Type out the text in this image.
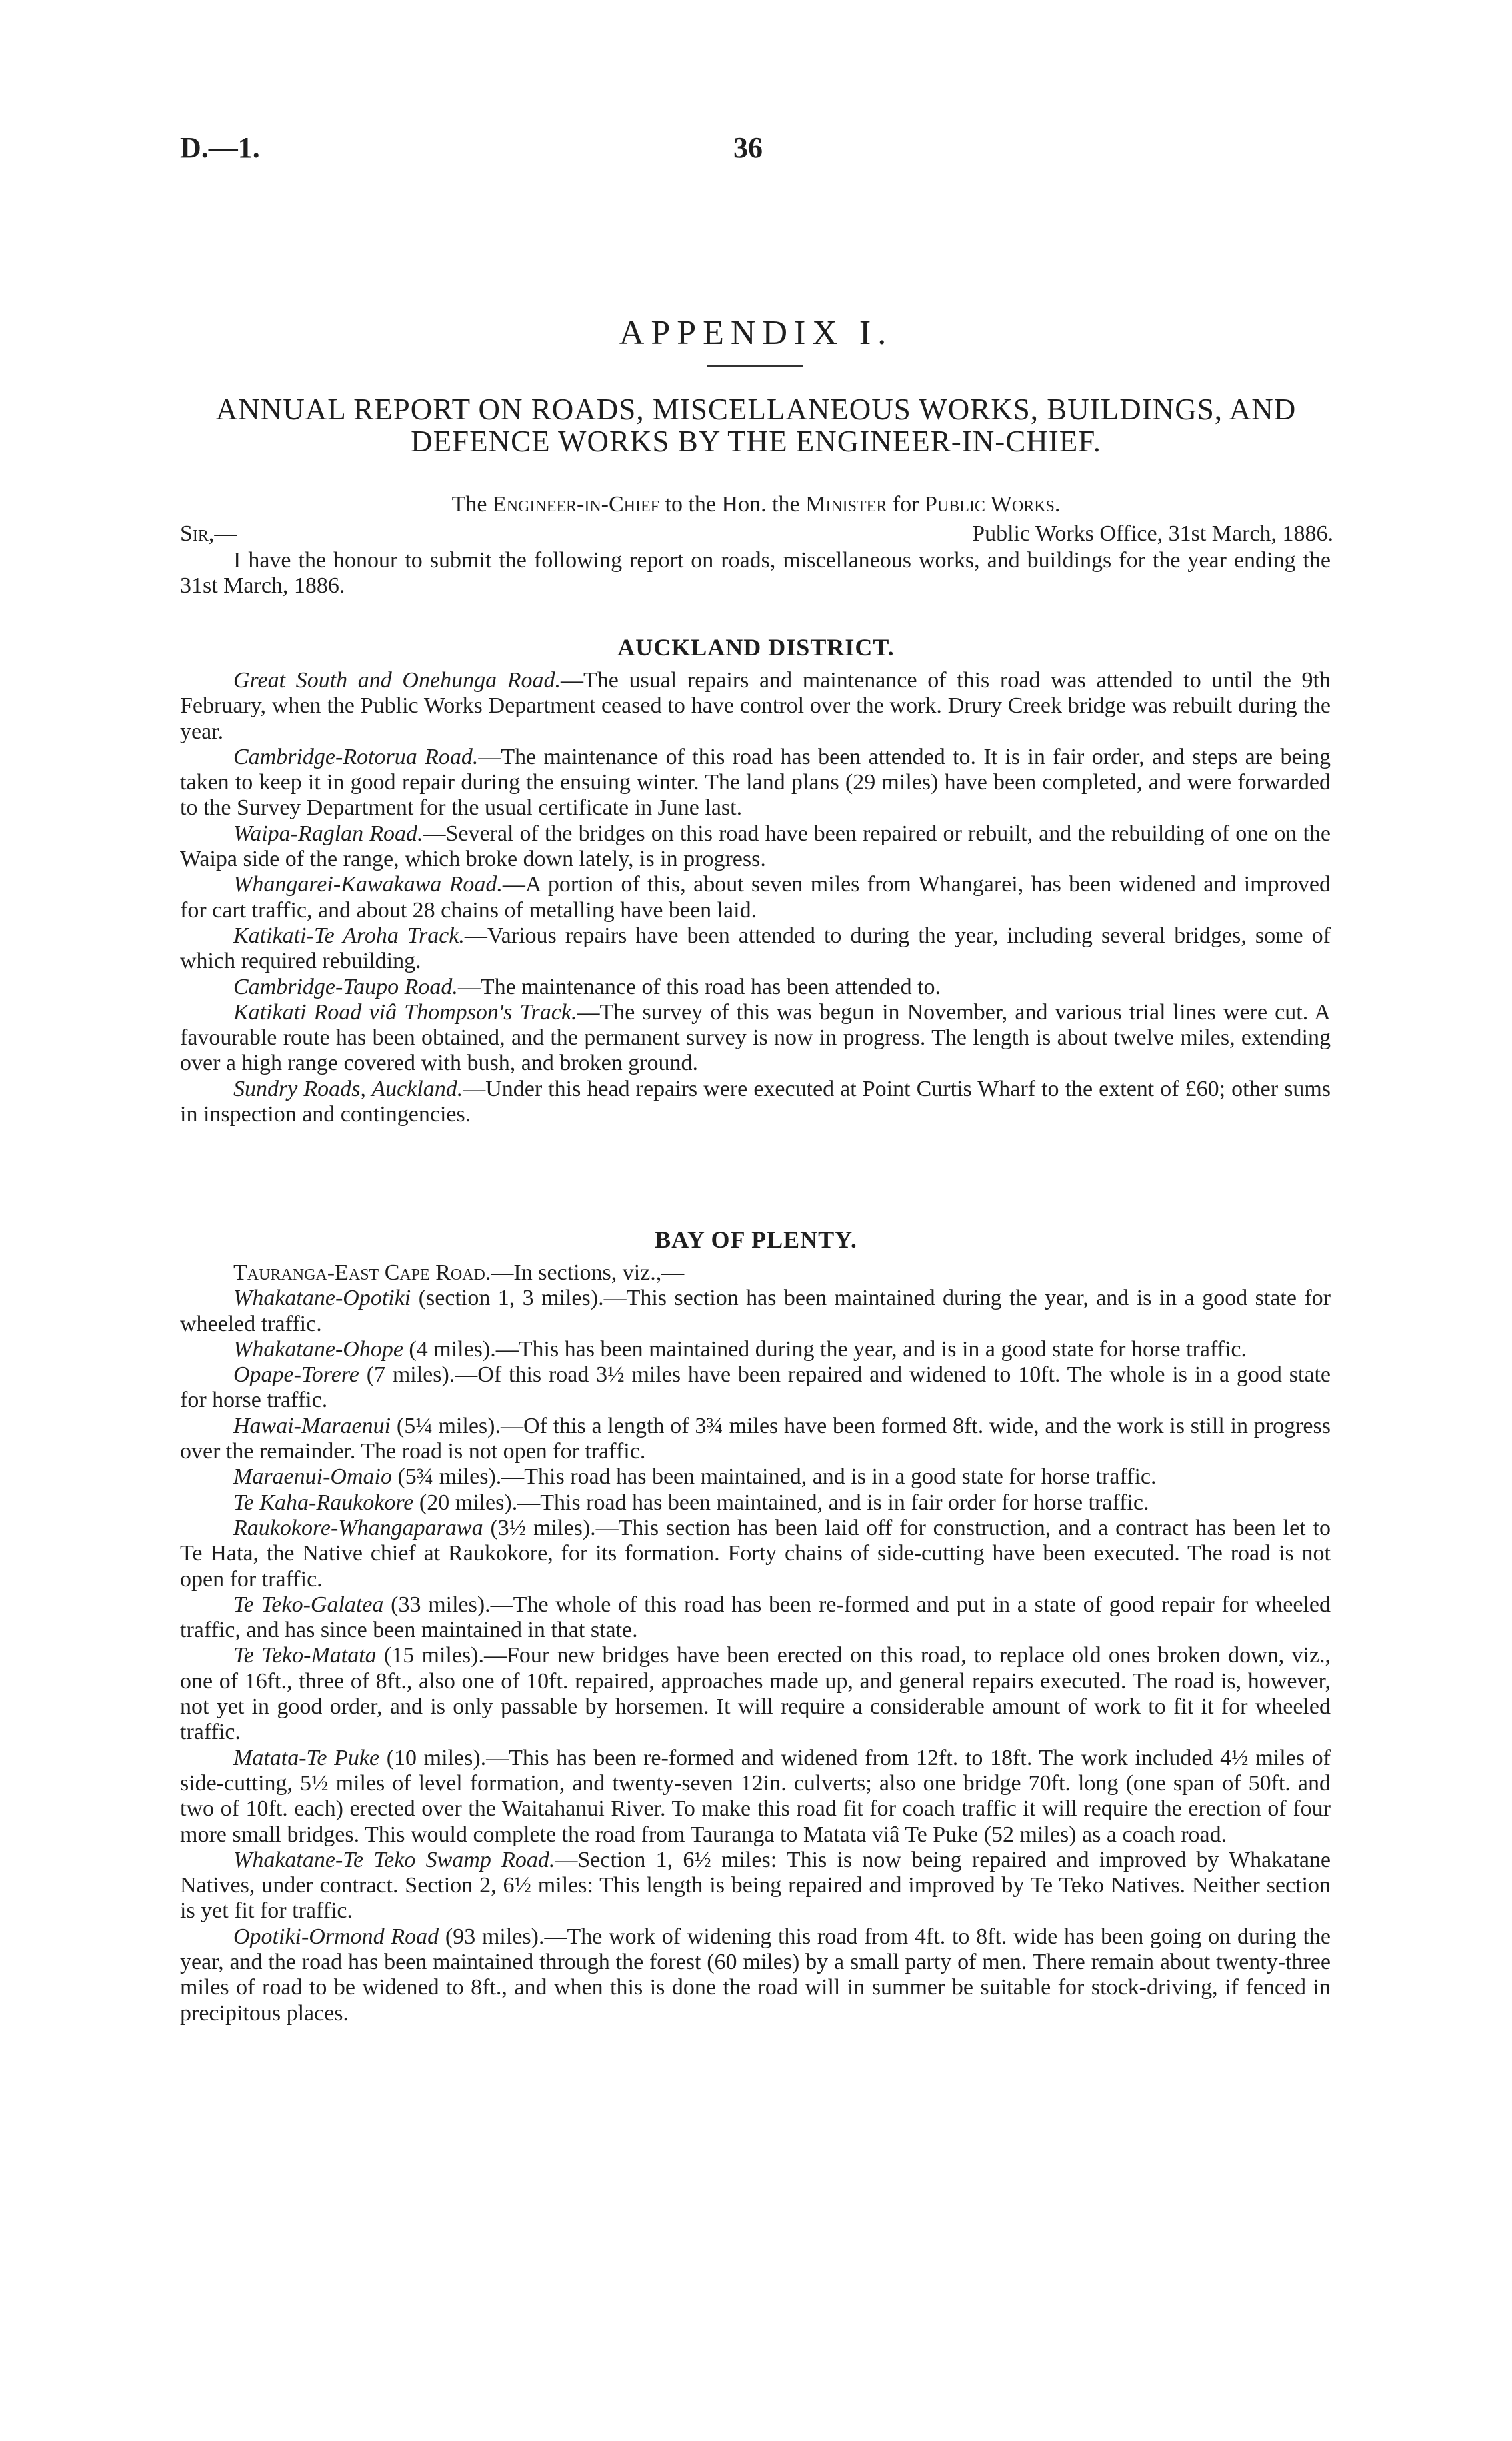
D.—1.	36
APPENDIX I.
ANNUAL REPORT ON ROADS, MISCELLANEOUS WORKS, BUILDINGS, AND DEFENCE WORKS BY THE ENGINEER-IN-CHIEF.
The Engineer-in-Chief to the Hon. the Minister for Public Works.
Sir,—	Public Works Office, 31st March, 1886.

I have the honour to submit the following report on roads, miscellaneous works, and buildings for the year ending the 31st March, 1886.

AUCKLAND DISTRICT.

Great South and Onehunga Road.—The usual repairs and maintenance of this road was attended to until the 9th February, when the Public Works Department ceased to have control over the work. Drury Creek bridge was rebuilt during the year.

Cambridge-Rotorua Road.—The maintenance of this road has been attended to. It is in fair order, and steps are being taken to keep it in good repair during the ensuing winter. The land plans (29 miles) have been completed, and were forwarded to the Survey Department for the usual certificate in June last.

Waipa-Raglan Road.—Several of the bridges on this road have been repaired or rebuilt, and the rebuilding of one on the Waipa side of the range, which broke down lately, is in progress.

Whangarei-Kawakawa Road.—A portion of this, about seven miles from Whangarei, has been widened and improved for cart traffic, and about 28 chains of metalling have been laid.

Katikati-Te Aroha Track.—Various repairs have been attended to during the year, including several bridges, some of which required rebuilding.

Cambridge-Taupo Road.—The maintenance of this road has been attended to.

Katikati Road viâ Thompson's Track.—The survey of this was begun in November, and various trial lines were cut. A favourable route has been obtained, and the permanent survey is now in progress. The length is about twelve miles, extending over a high range covered with bush, and broken ground.

Sundry Roads, Auckland.—Under this head repairs were executed at Point Curtis Wharf to the extent of £60; other sums in inspection and contingencies.

BAY OF PLENTY.

Tauranga-East Cape Road.—In sections, viz.,—

Whakatane-Opotiki (section 1, 3 miles).—This section has been maintained during the year, and is in a good state for wheeled traffic.

Whakatane-Ohope (4 miles).—This has been maintained during the year, and is in a good state for horse traffic.

Opape-Torere (7 miles).—Of this road 3½ miles have been repaired and widened to 10ft. The whole is in a good state for horse traffic.

Hawai-Maraenui (5¼ miles).—Of this a length of 3¾ miles have been formed 8ft. wide, and the work is still in progress over the remainder. The road is not open for traffic.

Maraenui-Omaio (5¾ miles).—This road has been maintained, and is in a good state for horse traffic.

Te Kaha-Raukokore (20 miles).—This road has been maintained, and is in fair order for horse traffic.

Raukokore-Whangaparawa (3½ miles).—This section has been laid off for construction, and a contract has been let to Te Hata, the Native chief at Raukokore, for its formation. Forty chains of side-cutting have been executed. The road is not open for traffic.

Te Teko-Galatea (33 miles).—The whole of this road has been re-formed and put in a state of good repair for wheeled traffic, and has since been maintained in that state.

Te Teko-Matata (15 miles).—Four new bridges have been erected on this road, to replace old ones broken down, viz., one of 16ft., three of 8ft., also one of 10ft. repaired, approaches made up, and general repairs executed. The road is, however, not yet in good order, and is only passable by horsemen. It will require a considerable amount of work to fit it for wheeled traffic.

Matata-Te Puke (10 miles).—This has been re-formed and widened from 12ft. to 18ft. The work included 4½ miles of side-cutting, 5½ miles of level formation, and twenty-seven 12in. culverts; also one bridge 70ft. long (one span of 50ft. and two of 10ft. each) erected over the Waitahanui River. To make this road fit for coach traffic it will require the erection of four more small bridges. This would complete the road from Tauranga to Matata viâ Te Puke (52 miles) as a coach road.

Whakatane-Te Teko Swamp Road.—Section 1, 6½ miles: This is now being repaired and improved by Whakatane Natives, under contract. Section 2, 6½ miles: This length is being repaired and improved by Te Teko Natives. Neither section is yet fit for traffic.

Opotiki-Ormond Road (93 miles).—The work of widening this road from 4ft. to 8ft. wide has been going on during the year, and the road has been maintained through the forest (60 miles) by a small party of men. There remain about twenty-three miles of road to be widened to 8ft., and when this is done the road will in summer be suitable for stock-driving, if fenced in precipitous places.
